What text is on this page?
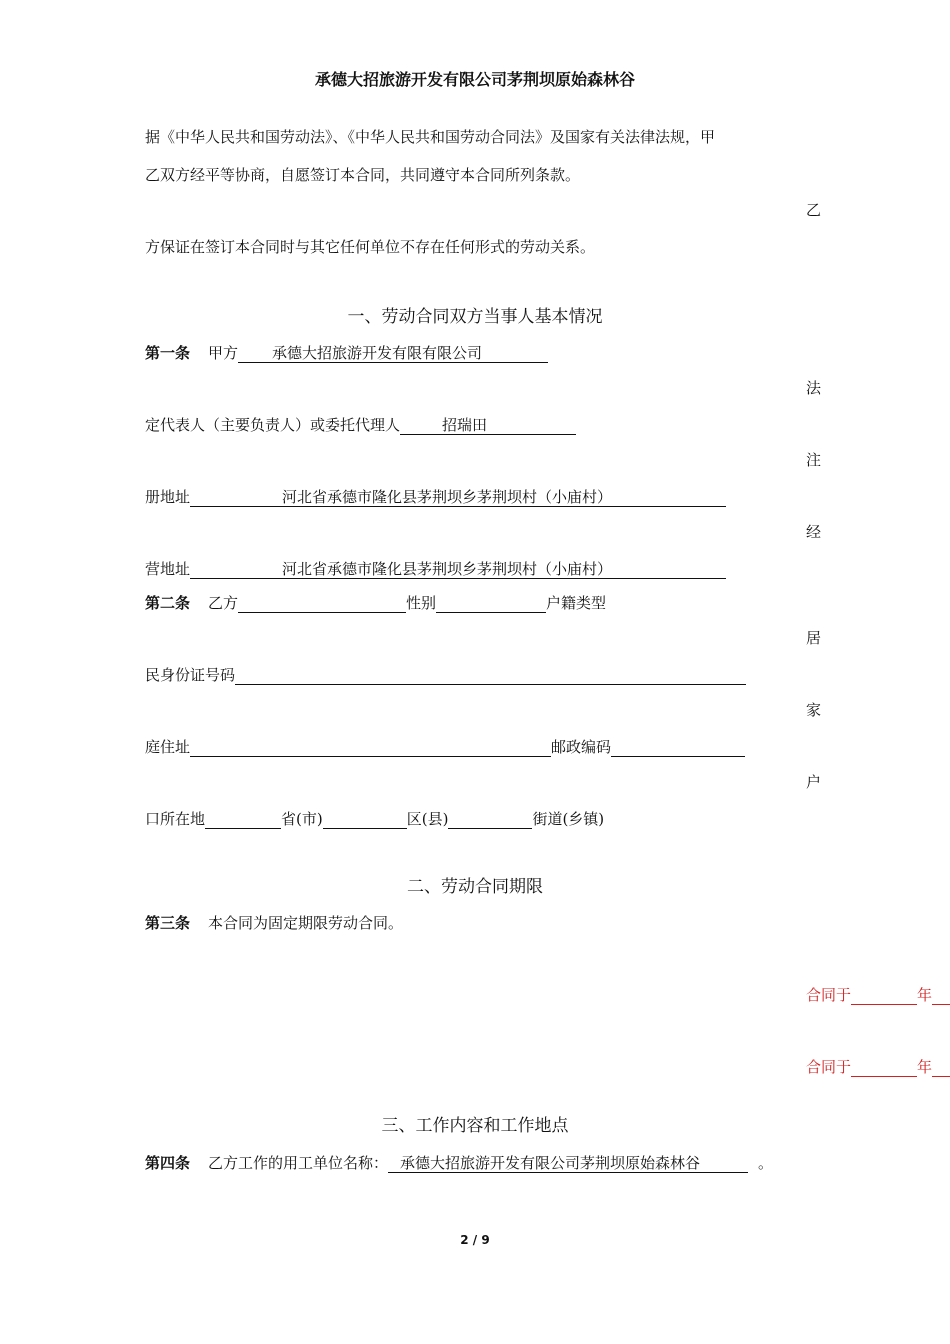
承德大招旅游开发有限公司茅荆坝原始森林谷
据《中华人民共和国劳动法》、《中华人民共和国劳动合同法》及国家有关法律法规，甲
乙双方经平等协商，自愿签订本合同，共同遵守本合同所列条款。
乙
方保证在签订本合同时与其它任何单位不存在任何形式的劳动关系。
一、劳动合同双方当事人基本情况
第一条 甲方 承德大招旅游开发有限有限公司
法
定代表人（主要负责人）或委托代理人	招瑞田
注
册地址	河北省承德市隆化县茅荆坝乡茅荆坝村（小庙村）
经
营地址	河北省承德市隆化县茅荆坝乡茅荆坝村（小庙村）
第二条 乙方	性别	户籍类型
居
民身份证号码
家
庭住址	邮政编码
户
口所在地	省(市)	区(县)	街道(乡镇)
二、劳动合同期限
第三条 本合同为固定期限劳动合同。
合同于	年
合同于	年
三、工作内容和工作地点
第四条 乙方工作的用工单位名称： 承德大招旅游开发有限公司茅荆坝原始森林谷	。
2 / 9
